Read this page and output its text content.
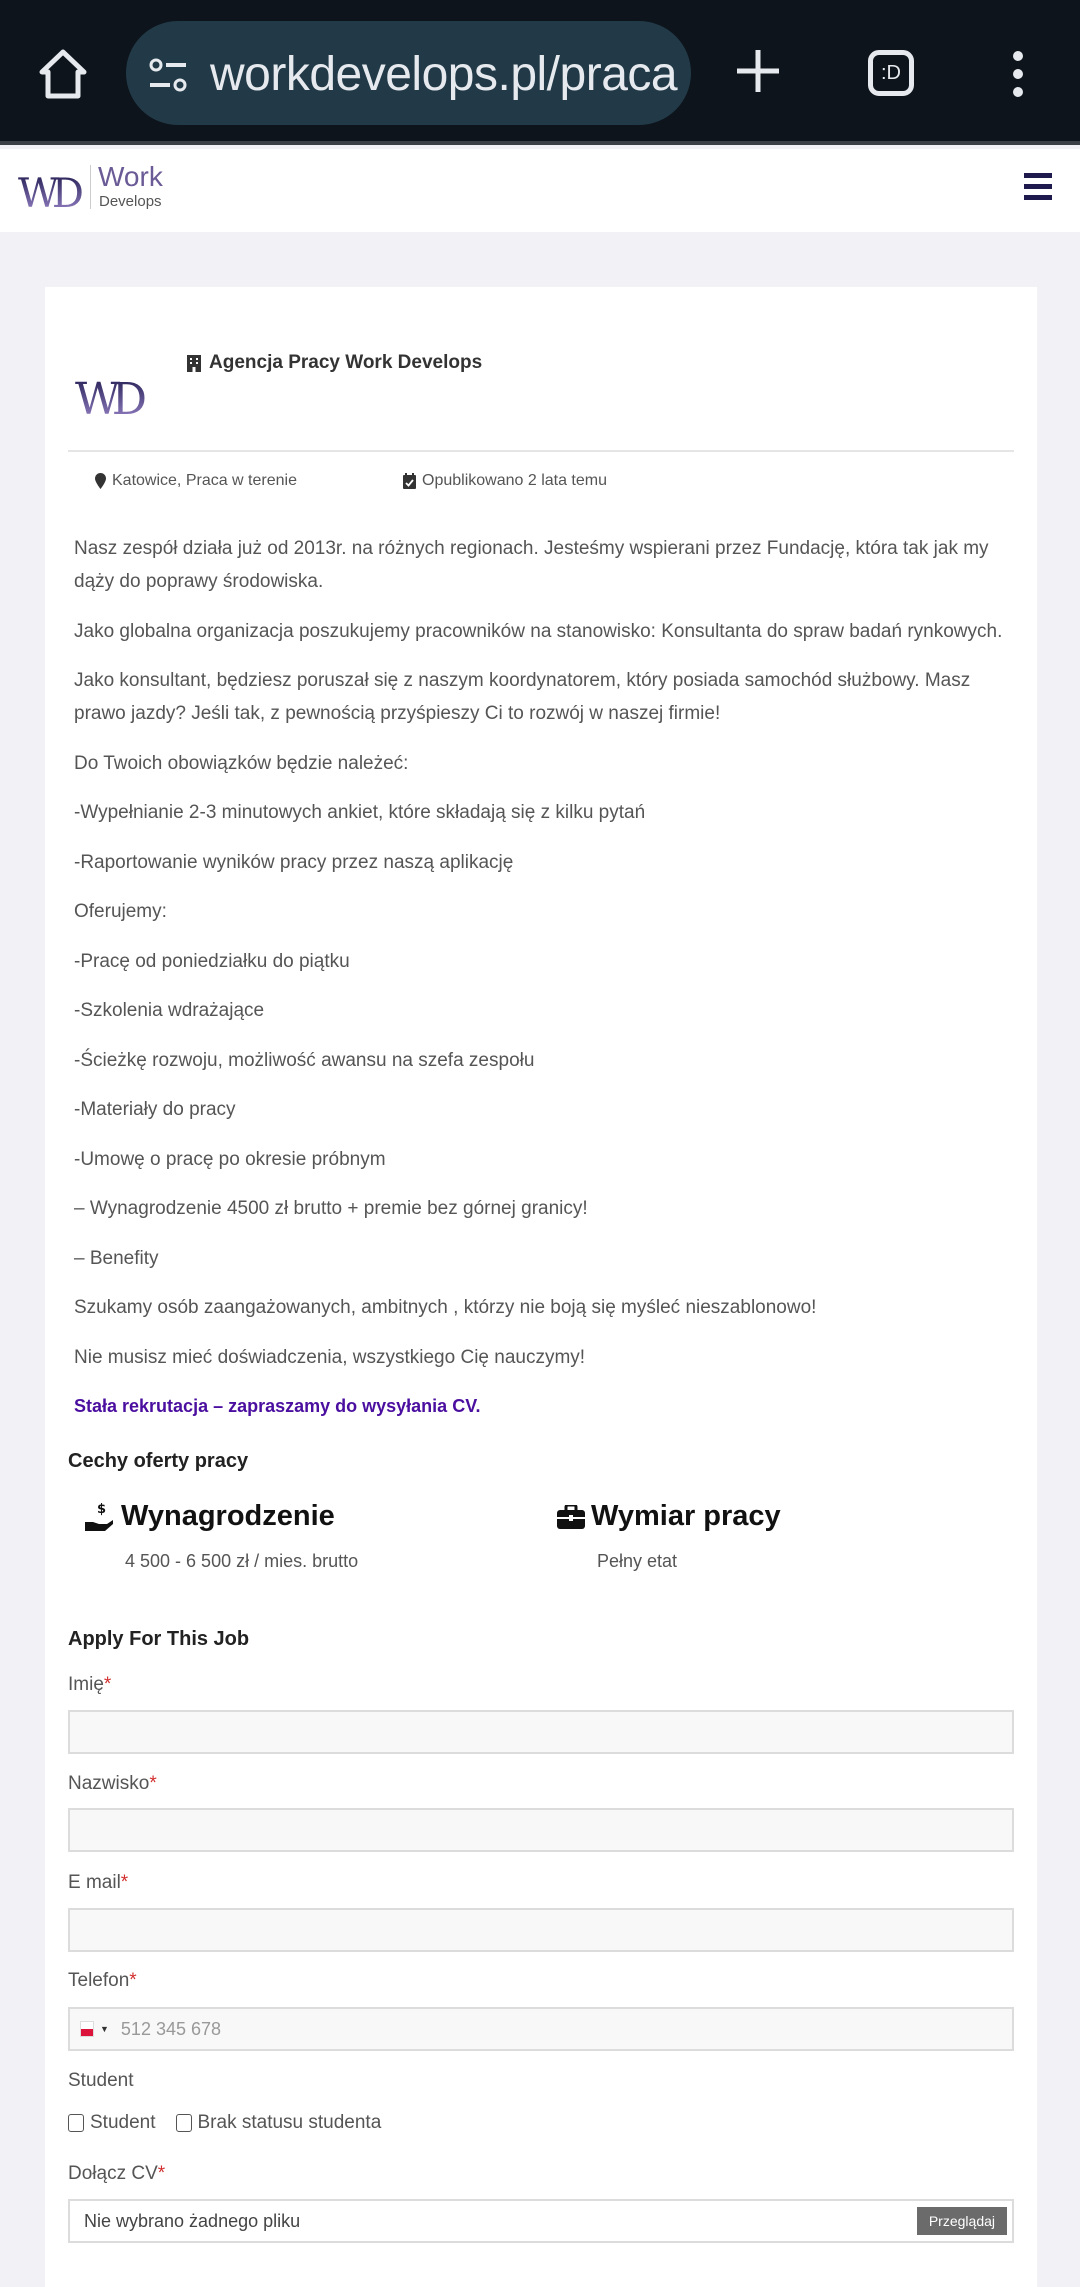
workdevelops.pl/praca	:D
WD Work
Develops
WD
Agencja Pracy Work Develops
Katowice, Praca w terenie	Opublikowano 2 lata temu

Nasz zespół działa już od 2013r. na różnych regionach. Jesteśmy wspierani przez Fundację, która tak jak my dąży do poprawy środowiska.

Jako globalna organizacja poszukujemy pracowników na stanowisko: Konsultanta do spraw badań rynkowych.

Jako konsultant, będziesz poruszał się z naszym koordynatorem, który posiada samochód służbowy. Masz prawo jazdy? Jeśli tak, z pewnością przyśpieszy Ci to rozwój w naszej firmie!

Do Twoich obowiązków będzie należeć:

-Wypełnianie 2-3 minutowych ankiet, które składają się z kilku pytań

-Raportowanie wyników pracy przez naszą aplikację

Oferujemy:

-Pracę od poniedziałku do piątku

-Szkolenia wdrażające

-Ścieżkę rozwoju, możliwość awansu na szefa zespołu

-Materiały do pracy

-Umowę o pracę po okresie próbnym

– Wynagrodzenie 4500 zł brutto + premie bez górnej granicy!

– Benefity

Szukamy osób zaangażowanych, ambitnych , którzy nie boją się myśleć nieszablonowo!

Nie musisz mieć doświadczenia, wszystkiego Cię nauczymy!

Stała rekrutacja – zapraszamy do wysyłania CV.

Cechy oferty pracy
$ Wynagrodzenie
4 500 - 6 500 zł / mies. brutto
Wymiar pracy
Pełny etat
Apply For This Job
Imię*
Nazwisko*
E mail*
Telefon*
▼ 512 345 678
Student
Student Brak statusu studenta
Dołącz CV*
Nie wybrano żadnego pliku	Przeglądaj
